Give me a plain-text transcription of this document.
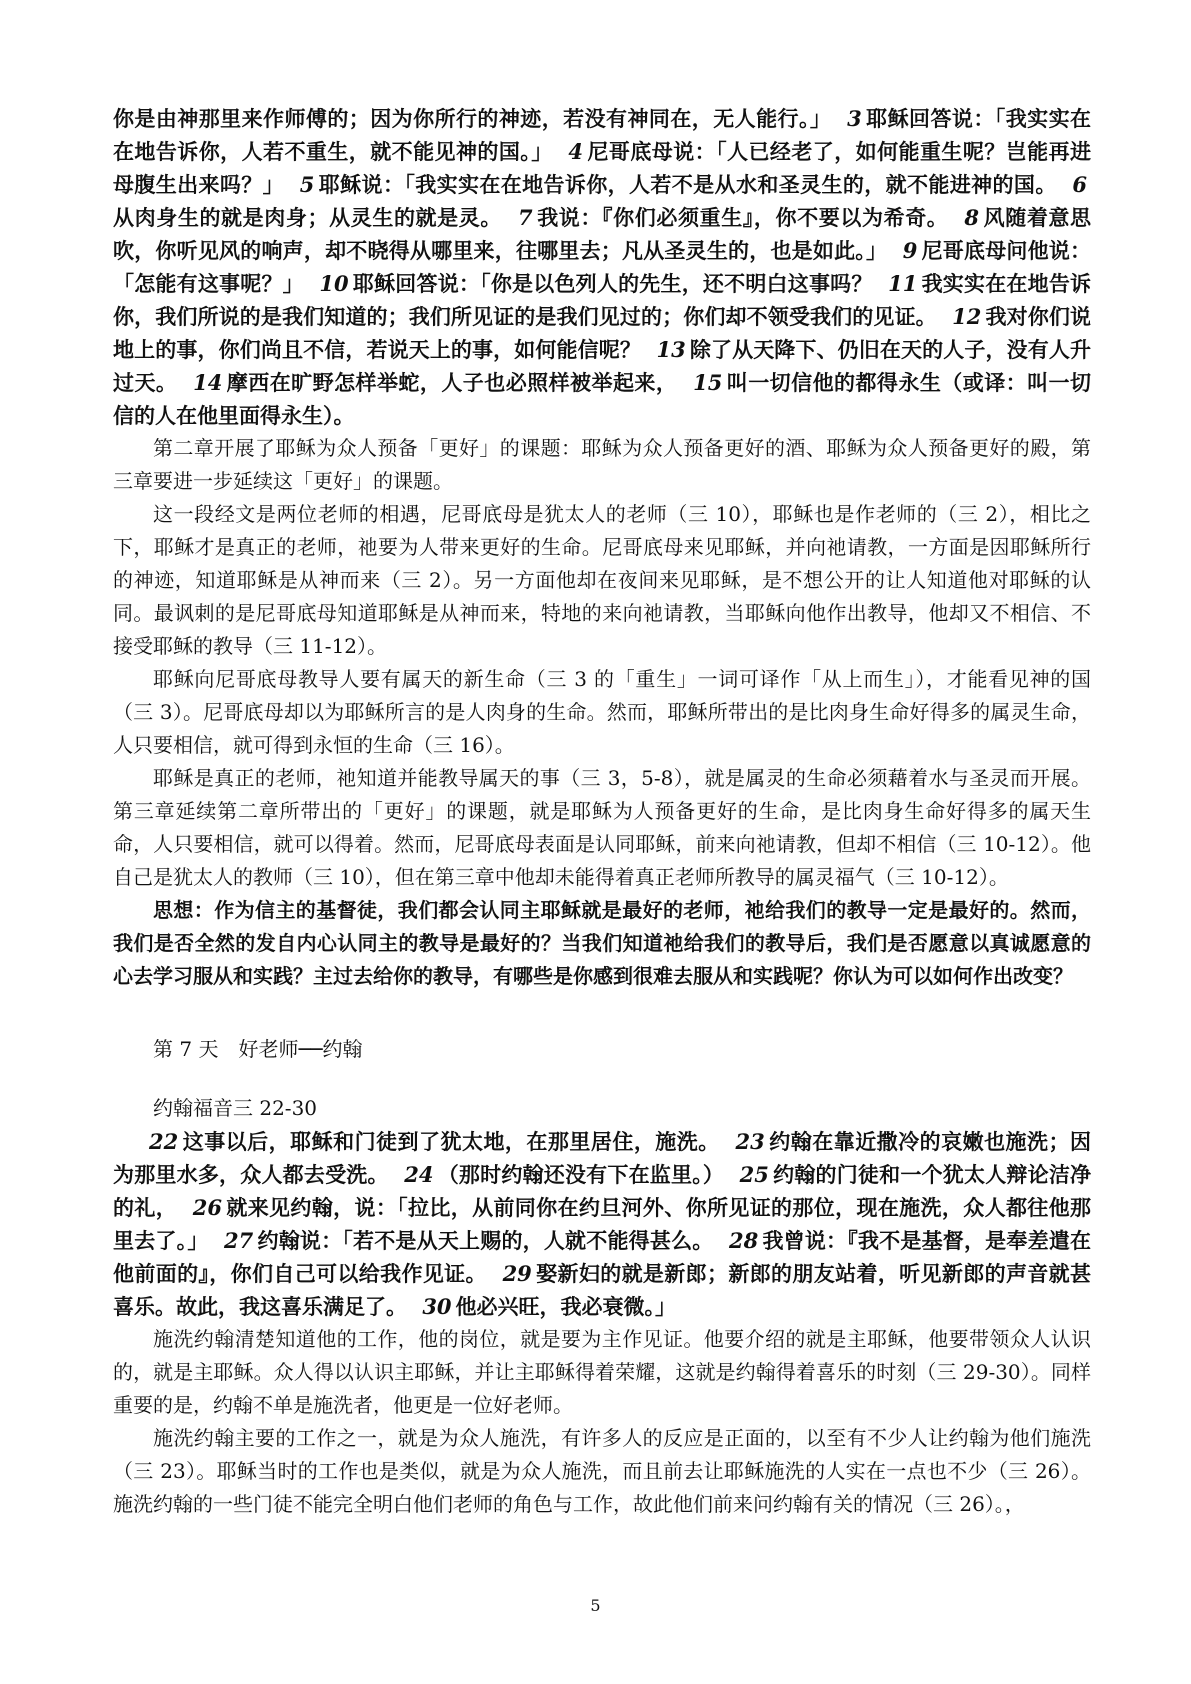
你是由神那里来作师傅的；因为你所行的神迹，若没有神同在，无人能行。」 3 耶稣回答说：「我实实在在地告诉你，人若不重生，就不能见神的国。」 4 尼哥底母说：「人已经老了，如何能重生呢？岂能再进母腹生出来吗？」 5 耶稣说：「我实实在在地告诉你，人若不是从水和圣灵生的，就不能进神的国。 6从肉身生的就是肉身；从灵生的就是灵。 7 我说：『你们必须重生』，你不要以为希奇。 8 风随着意思吹，你听见风的响声，却不晓得从哪里来，往哪里去；凡从圣灵生的，也是如此。」 9 尼哥底母问他说：「怎能有这事呢？」 10 耶稣回答说：「你是以色列人的先生，还不明白这事吗？ 11 我实实在在地告诉你，我们所说的是我们知道的；我们所见证的是我们见过的；你们却不领受我们的见证。 12 我对你们说地上的事，你们尚且不信，若说天上的事，如何能信呢？ 13 除了从天降下、仍旧在天的人子，没有人升过天。 14 摩西在旷野怎样举蛇，人子也必照样被举起来， 15 叫一切信他的都得永生（或译：叫一切信的人在他里面得永生）。

第二章开展了耶稣为众人预备「更好」的课题：耶稣为众人预备更好的酒、耶稣为众人预备更好的殿，第三章要进一步延续这「更好」的课题。

这一段经文是两位老师的相遇，尼哥底母是犹太人的老师（三 10），耶稣也是作老师的（三 2），相比之下，耶稣才是真正的老师，祂要为人带来更好的生命。尼哥底母来见耶稣，并向祂请教，一方面是因耶稣所行的神迹，知道耶稣是从神而来（三 2）。另一方面他却在夜间来见耶稣，是不想公开的让人知道他对耶稣的认同。最讽刺的是尼哥底母知道耶稣是从神而来，特地的来向祂请教，当耶稣向他作出教导，他却又不相信、不接受耶稣的教导（三 11-12）。

耶稣向尼哥底母教导人要有属天的新生命（三 3 的「重生」一词可译作「从上而生」），才能看见神的国（三 3）。尼哥底母却以为耶稣所言的是人肉身的生命。然而，耶稣所带出的是比肉身生命好得多的属灵生命，人只要相信，就可得到永恒的生命（三 16）。

耶稣是真正的老师，祂知道并能教导属天的事（三 3，5-8），就是属灵的生命必须藉着水与圣灵而开展。第三章延续第二章所带出的「更好」的课题，就是耶稣为人预备更好的生命，是比肉身生命好得多的属天生命，人只要相信，就可以得着。然而，尼哥底母表面是认同耶稣，前来向祂请教，但却不相信（三 10-12）。他自己是犹太人的教师（三 10），但在第三章中他却未能得着真正老师所教导的属灵福气（三 10-12）。

思想：作为信主的基督徒，我们都会认同主耶稣就是最好的老师，祂给我们的教导一定是最好的。然而，我们是否全然的发自内心认同主的教导是最好的？当我们知道祂给我们的教导后，我们是否愿意以真诚愿意的心去学习服从和实践？主过去给你的教导，有哪些是你感到很难去服从和实践呢？你认为可以如何作出改变？

第 7 天　好老师──约翰

约翰福音三 22-30

22 这事以后，耶稣和门徒到了犹太地，在那里居住，施洗。 23 约翰在靠近撒冷的哀嫩也施洗；因为那里水多，众人都去受洗。 24 （那时约翰还没有下在监里。） 25 约翰的门徒和一个犹太人辩论洁净的礼， 26 就来见约翰，说：「拉比，从前同你在约旦河外、你所见证的那位，现在施洗，众人都往他那里去了。」 27 约翰说：「若不是从天上赐的，人就不能得甚么。 28 我曾说：『我不是基督，是奉差遣在他前面的』，你们自己可以给我作见证。 29 娶新妇的就是新郎；新郎的朋友站着，听见新郎的声音就甚喜乐。故此，我这喜乐满足了。 30 他必兴旺，我必衰微。」

施洗约翰清楚知道他的工作，他的岗位，就是要为主作见证。他要介绍的就是主耶稣，他要带领众人认识的，就是主耶稣。众人得以认识主耶稣，并让主耶稣得着荣耀，这就是约翰得着喜乐的时刻（三 29-30）。同样重要的是，约翰不单是施洗者，他更是一位好老师。

施洗约翰主要的工作之一，就是为众人施洗，有许多人的反应是正面的，以至有不少人让约翰为他们施洗（三 23）。耶稣当时的工作也是类似，就是为众人施洗，而且前去让耶稣施洗的人实在一点也不少（三 26）。施洗约翰的一些门徒不能完全明白他们老师的角色与工作，故此他们前来问约翰有关的情况（三 26）。，

5
